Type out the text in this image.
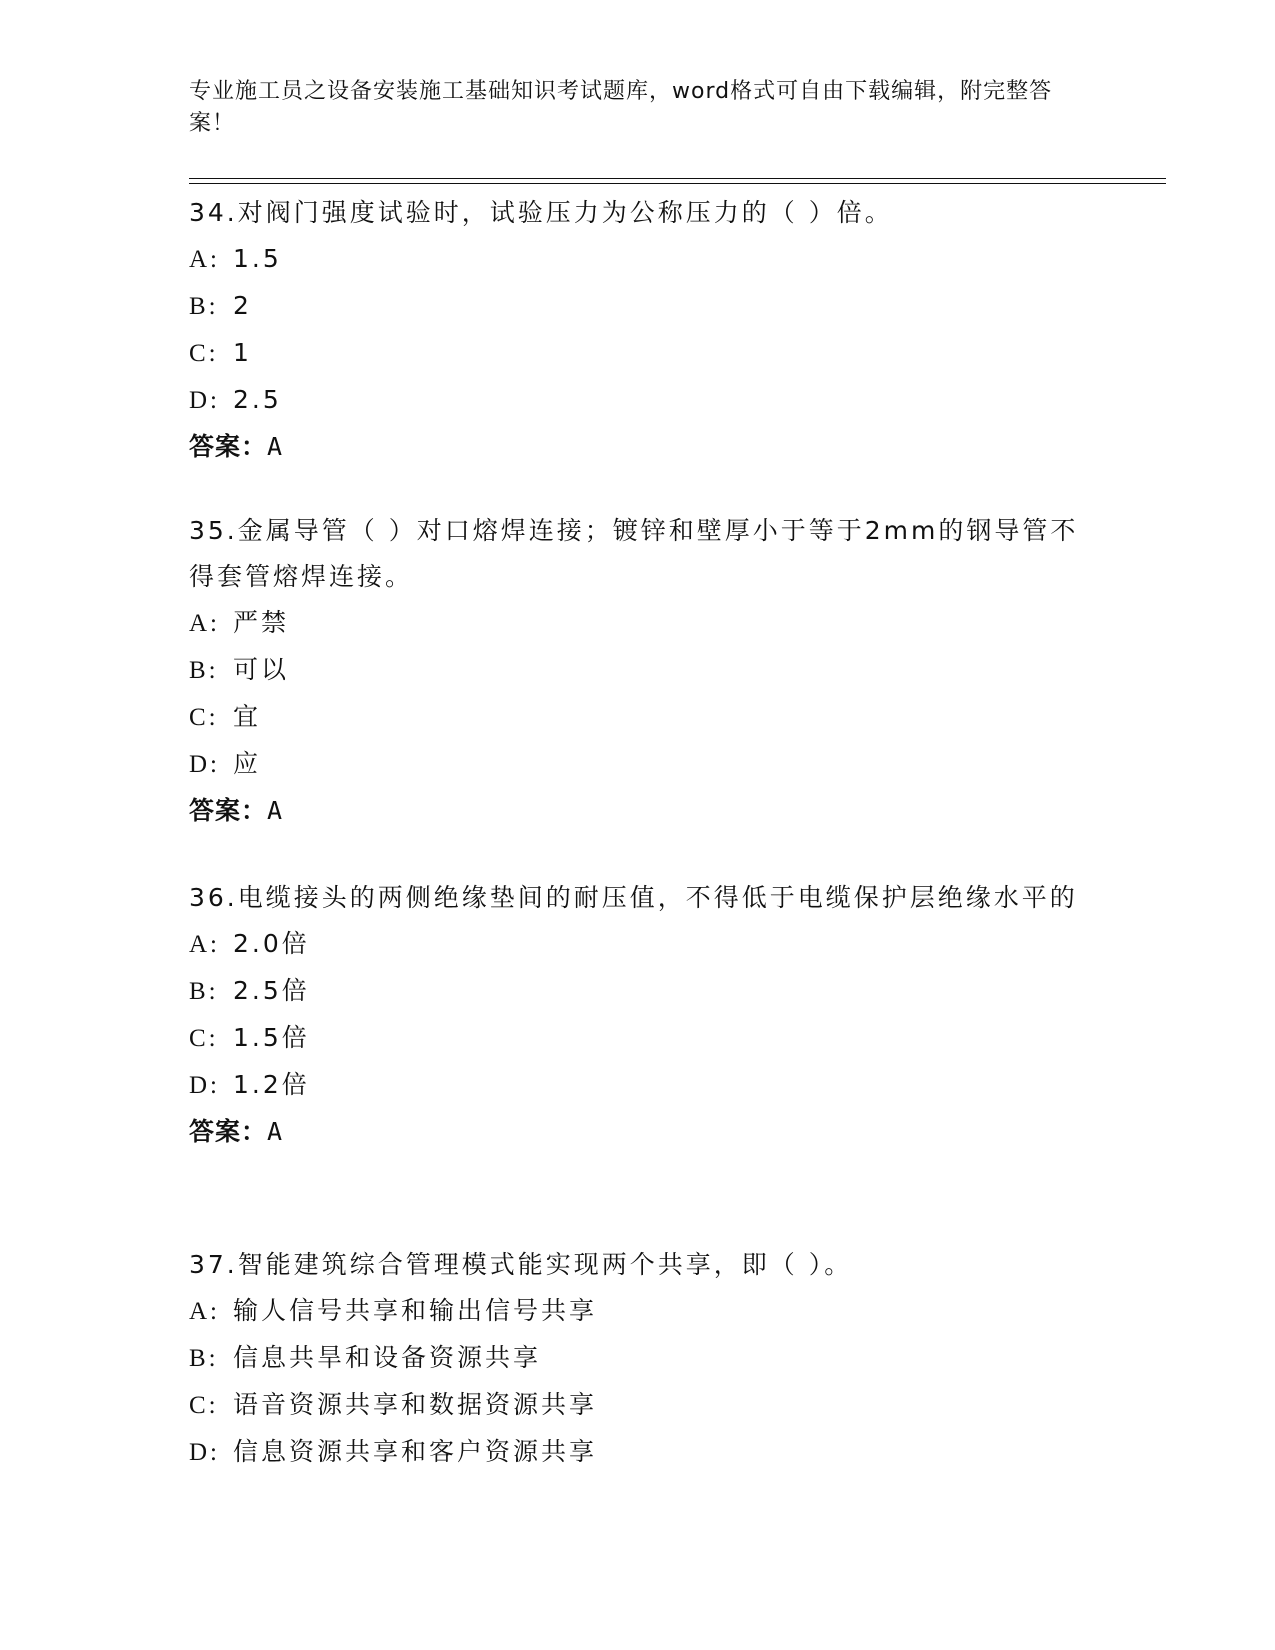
专业施工员之设备安装施工基础知识考试题库，word格式可自由下载编辑，附完整答案！
34.对阀门强度试验时，试验压力为公称压力的（ ）倍。
A: 1.5
B: 2
C: 1
D: 2.5
答案：A
35.金属导管（ ）对口熔焊连接；镀锌和壁厚小于等于2mm的钢导管不得套管熔焊连接。
A: 严禁
B: 可以
C: 宜
D: 应
答案：A
36.电缆接头的两侧绝缘垫间的耐压值，不得低于电缆保护层绝缘水平的
A: 2.0倍
B: 2.5倍
C: 1.5倍
D: 1.2倍
答案：A
37.智能建筑综合管理模式能实现两个共享，即（ ）。
A: 输人信号共享和输出信号共享
B: 信息共旱和设备资源共享
C: 语音资源共享和数据资源共享
D: 信息资源共享和客户资源共享
